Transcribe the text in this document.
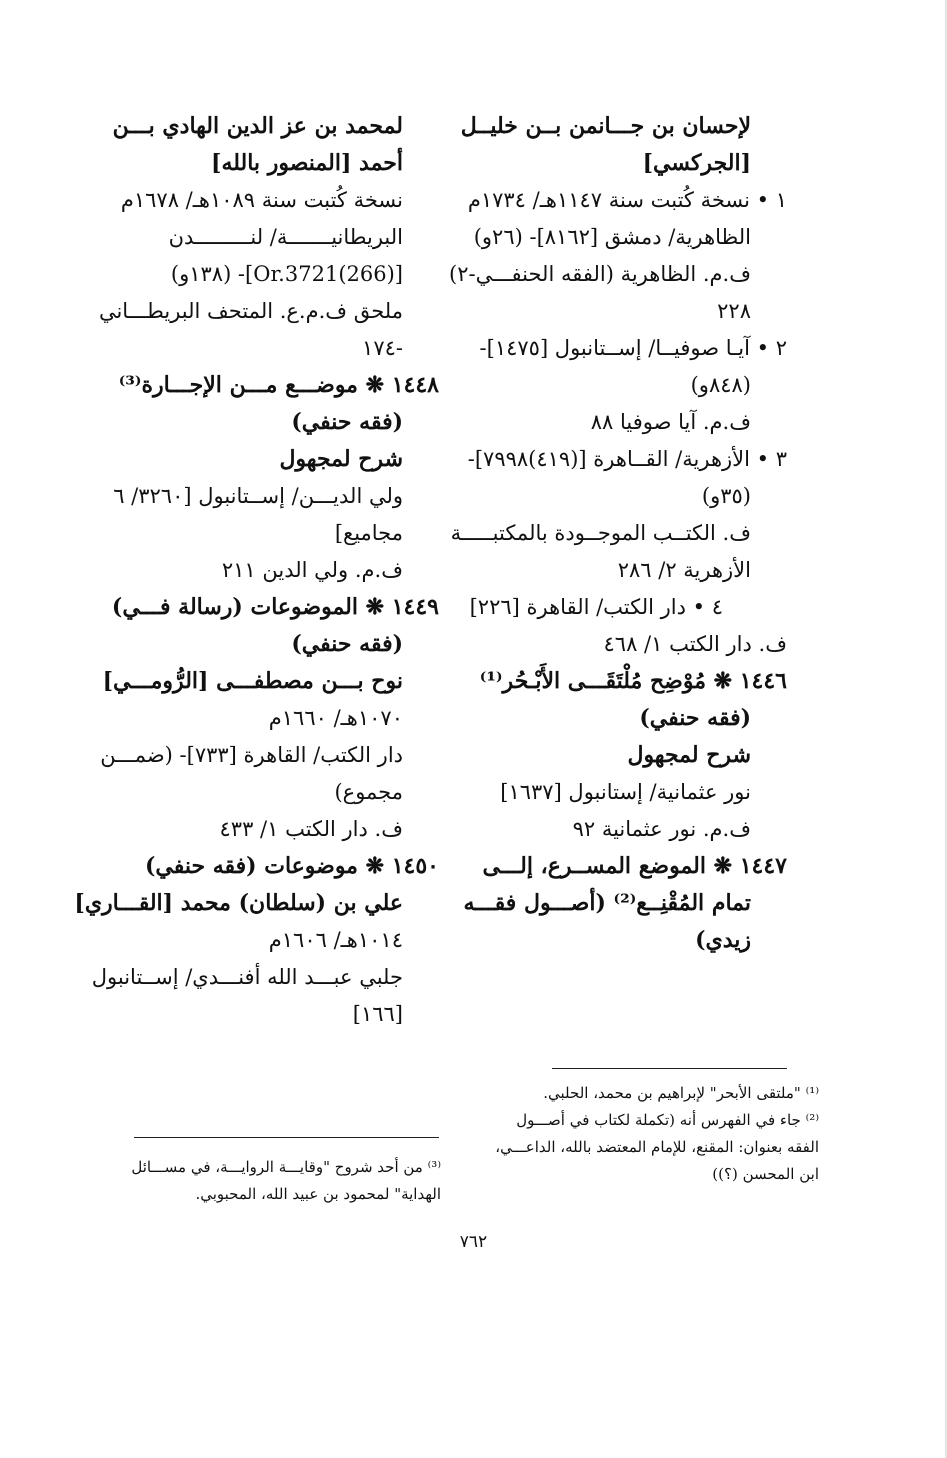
لإحسان بن جـــانمن بــن خليــل
[الجركسي]
١ • نسخة كُتبت سنة ١١٤٧هـ/ ١٧٣٤م
الظاهرية/ دمشق [٨١٦٢]- (٢٦و)
ف.م. الظاهرية (الفقه الحنفـــي-٢)
٢٢٨
٢ • آيـا صوفيــا/ إســتانبول [١٤٧٥]-
(٨٤٨و)
ف.م. آيا صوفيا ٨٨
٣ • الأزهرية/ القــاهرة [(٤١٩)٧٩٩٨]-
(٣٥و)
ف. الكتــب الموجــودة بالمكتبـــــة
الأزهرية ٢/ ٢٨٦
٤ • دار الكتب/ القاهرة [٢٢٦]
ف. دار الكتب ١/ ٤٦٨
١٤٤٦ ❋ مُوْضِح مُلْتَقَـــى الأَبْـحُر⁽¹⁾
(فقه حنفي)
شرح لمجهول
نور عثمانية/ إستانبول [١٦٣٧]
ف.م. نور عثمانية ٩٢
١٤٤٧ ❋ الموضع المســرع، إلـــى
تمام المُقْنِــع⁽²⁾ (أصـــول فقـــه
زيدي)
لمحمد بن عز الدين الهادي بـــن
أحمد [المنصور بالله]
نسخة كُتبت سنة ١٠٨٩هـ/ ١٦٧٨م
البريطانيـــــــة/ لنـــــــــدن
[(266)Or.3721]- (١٣٨و)
ملحق ف.م.ع. المتحف البريطـــاني
-١٧٤
١٤٤٨ ❋ موضـــع مـــن الإجـــارة⁽³⁾
(فقه حنفي)
شرح لمجهول
ولي الديـــن/ إســتانبول [٣٢٦٠/ ٦
مجاميع]
ف.م. ولي الدين ٢١١
١٤٤٩ ❋ الموضوعات (رسالة فـــي)
(فقه حنفي)
نوح بـــن مصطفـــى [الرُّومـــي]
١٠٧٠هـ/ ١٦٦٠م
دار الكتب/ القاهرة [٧٣٣]- (ضمـــن
مجموع)
ف. دار الكتب ١/ ٤٣٣
١٤٥٠ ❋ موضوعات (فقه حنفي)
علي بن (سلطان) محمد [القـــاري]
١٠١٤هـ/ ١٦٠٦م
جلبي عبـــد الله أفنـــدي/ إســتانبول
[١٦٦]
⁽¹⁾ "ملتقى الأبحر" لإبراهيم بن محمد، الحلبي.
⁽²⁾ جاء في الفهرس أنه (تكملة لكتاب في أصـــول
الفقه بعنوان: المقنع، للإمام المعتضد بالله، الداعـــي،
ابن المحسن (؟))
⁽³⁾ من أحد شروح "وقايـــة الروايـــة، في مســـائل
الهداية" لمحمود بن عبيد الله، المحبوبي.
٧٦٢
